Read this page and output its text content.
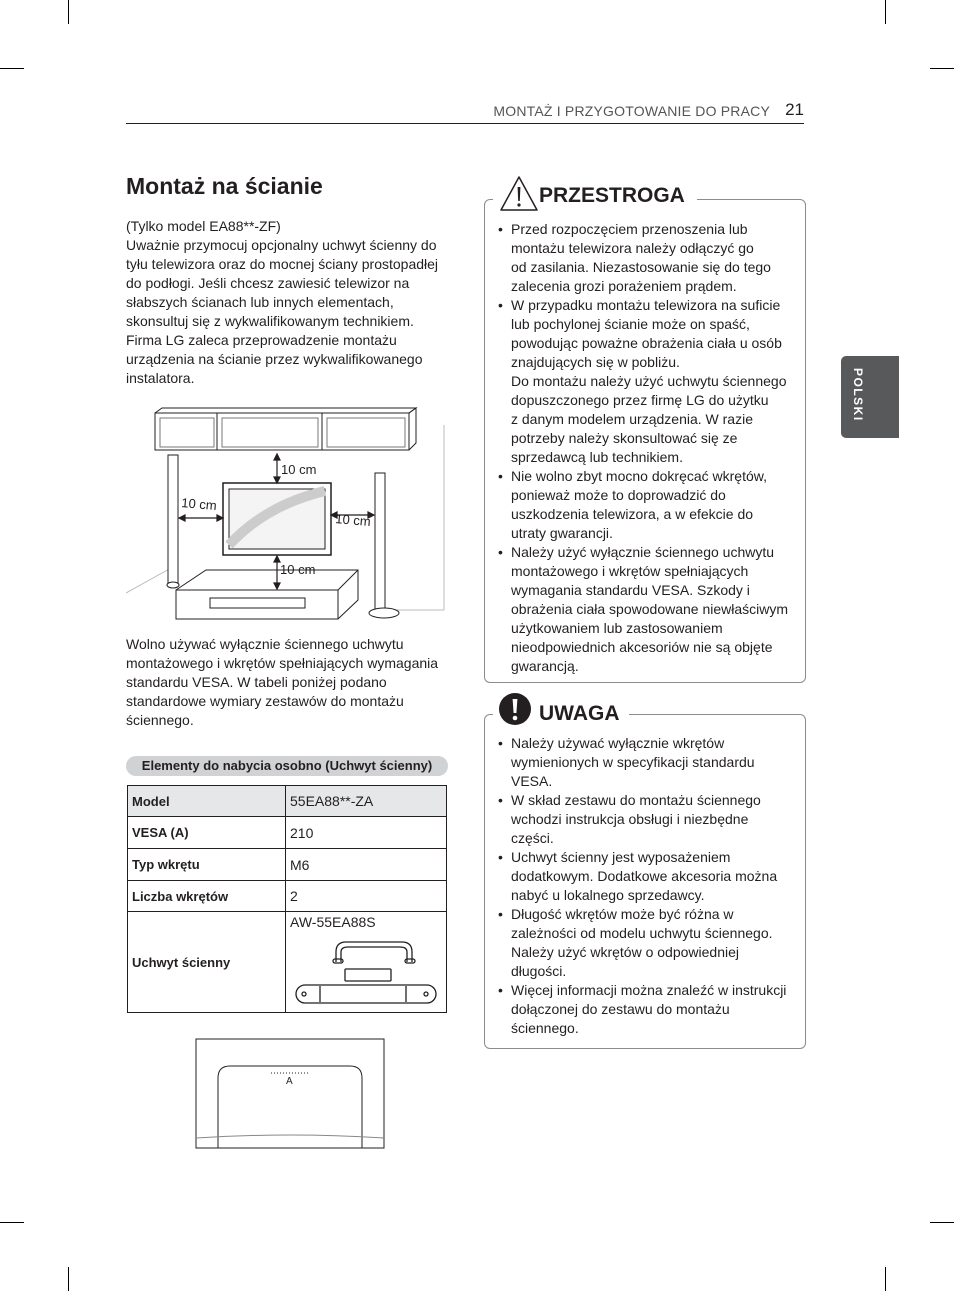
MONTAŻ I PRZYGOTOWANIE DO PRACY 21
POLSKI
Montaż na ścianie
(Tylko model EA88**-ZF)
Uważnie przymocuj opcjonalny uchwyt ścienny do
tyłu telewizora oraz do mocnej ściany prostopadłej
do podłogi. Jeśli chcesz zawiesić telewizor na
słabszych ścianach lub innych elementach,
skonsultuj się z wykwalifikowanym technikiem.
Firma LG zaleca przeprowadzenie montażu
urządzenia na ścianie przez wykwalifikowanego
instalatora.
10 cm
10 cm
10 cm
10 cm
Wolno używać wyłącznie ściennego uchwytu
montażowego i wkrętów spełniających wymagania
standardu VESA. W tabeli poniżej podano
standardowe wymiary zestawów do montażu
ściennego.
Elementy do nabycia osobno (Uchwyt ścienny)
Model	55EA88**-ZA
VESA (A)	210
Typ wkrętu	M6
Liczba wkrętów	2
Uchwyt ścienny	AW-55EA88S
A
PRZESTROGA

• Przed rozpoczęciem przenoszenia lub

montażu telewizora należy odłączyć go

od zasilania. Niezastosowanie się do tego

zalecenia grozi porażeniem prądem.

• W przypadku montażu telewizora na suficie

lub pochylonej ścianie może on spaść,

powodując poważne obrażenia ciała u osób

znajdujących się w pobliżu.

Do montażu należy użyć uchwytu ściennego

dopuszczonego przez firmę LG do użytku

z danym modelem urządzenia. W razie

potrzeby należy skonsultować się ze

sprzedawcą lub technikiem.

• Nie wolno zbyt mocno dokręcać wkrętów,

ponieważ może to doprowadzić do

uszkodzenia telewizora, a w efekcie do

utraty gwarancji.

• Należy użyć wyłącznie ściennego uchwytu

montażowego i wkrętów spełniających

wymagania standardu VESA. Szkody i

obrażenia ciała spowodowane niewłaściwym

użytkowaniem lub zastosowaniem

nieodpowiednich akcesoriów nie są objęte

gwarancją.

UWAGA

• Należy używać wyłącznie wkrętów

wymienionych w specyfikacji standardu

VESA.

• W skład zestawu do montażu ściennego

wchodzi instrukcja obsługi i niezbędne

części.

• Uchwyt ścienny jest wyposażeniem

dodatkowym. Dodatkowe akcesoria można

nabyć u lokalnego sprzedawcy.

• Długość wkrętów może być różna w

zależności od modelu uchwytu ściennego.

Należy użyć wkrętów o odpowiedniej

długości.

• Więcej informacji można znaleźć w instrukcji

dołączonej do zestawu do montażu

ściennego.
